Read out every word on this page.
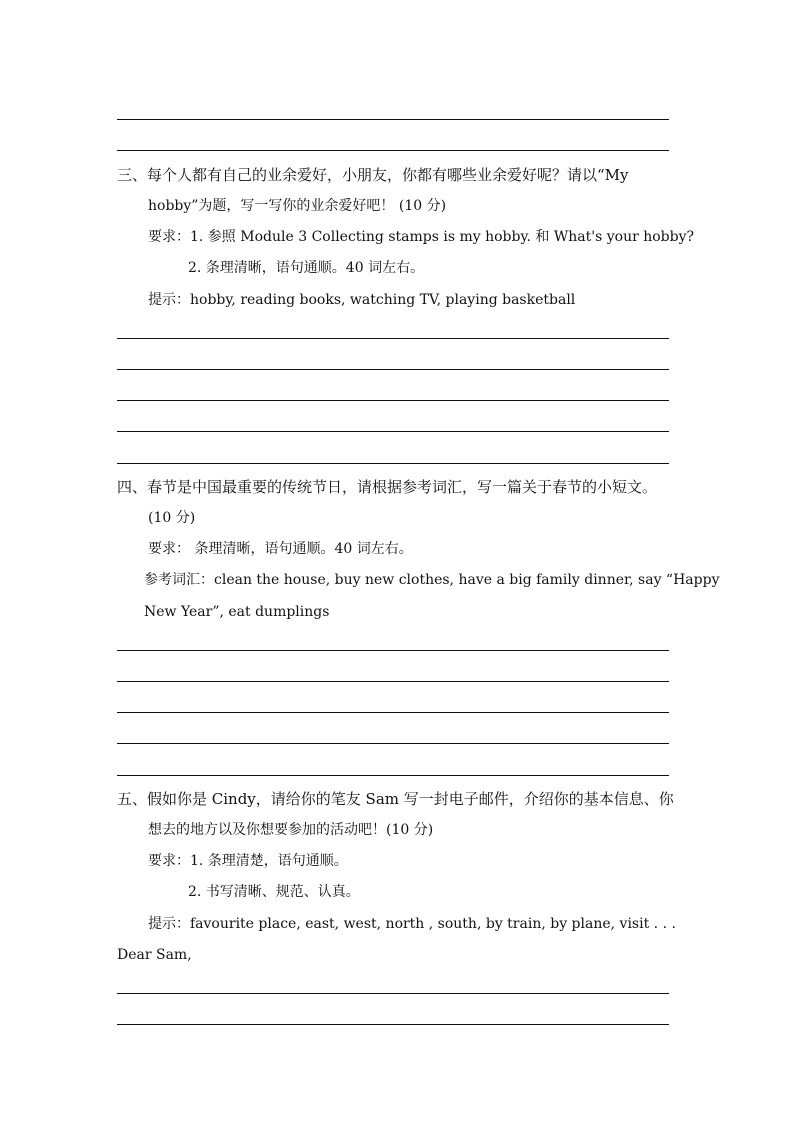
三、每个人都有自己的业余爱好，小朋友，你都有哪些业余爱好呢？请以“My
hobby”为题，写一写你的业余爱好吧！ (10 分)
要求：1. 参照 Module 3 Collecting stamps is my hobby. 和 What's your hobby?
2. 条理清晰，语句通顺。40 词左右。
提示：hobby, reading books, watching TV, playing basketball
四、春节是中国最重要的传统节日，请根据参考词汇，写一篇关于春节的小短文。
(10 分)
要求： 条理清晰，语句通顺。40 词左右。
参考词汇：clean the house, buy new clothes, have a big family dinner, say “Happy
New Year”, eat dumplings
五、假如你是 Cindy，请给你的笔友 Sam 写一封电子邮件，介绍你的基本信息、你
想去的地方以及你想要参加的活动吧！(10 分)
要求：1. 条理清楚，语句通顺。
2. 书写清晰、规范、认真。
提示：favourite place, east, west, north , south, by train, by plane, visit . . .
Dear Sam,
